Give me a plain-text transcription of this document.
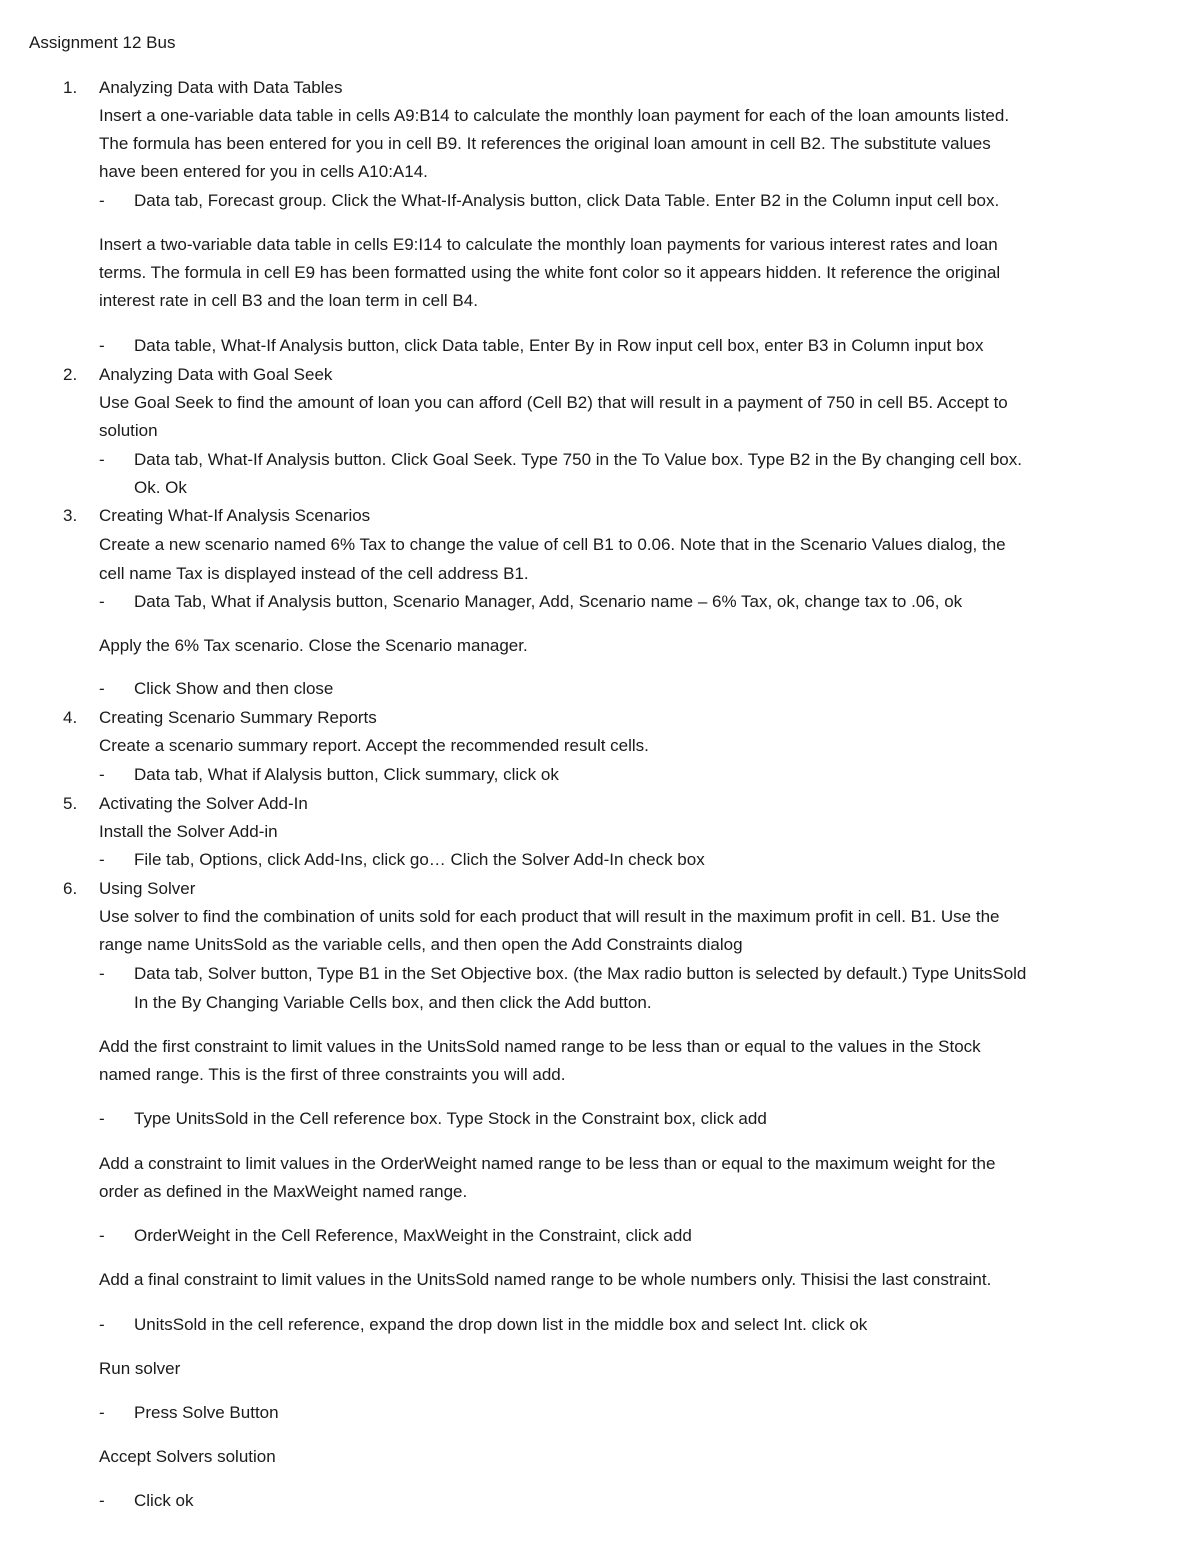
Assignment 12 Bus
1. Analyzing Data with Data Tables
Insert a one-variable data table in cells A9:B14 to calculate the monthly loan payment for each of the loan amounts listed.
The formula has been entered for you in cell B9. It references the original loan amount in cell B2. The substitute values
have been entered for you in cells A10:A14.
- Data tab, Forecast group. Click the What-If-Analysis button, click Data Table. Enter B2 in the Column input cell box.
Insert a two-variable data table in cells E9:I14 to calculate the monthly loan payments for various interest rates and loan
terms. The formula in cell E9 has been formatted using the white font color so it appears hidden. It reference the original
interest rate in cell B3 and the loan term in cell B4.
- Data table, What-If Analysis button, click Data table, Enter By in Row input cell box, enter B3 in Column input box
2. Analyzing Data with Goal Seek
Use Goal Seek to find the amount of loan you can afford (Cell B2) that will result in a payment of 750 in cell B5. Accept to
solution
- Data tab, What-If Analysis button. Click Goal Seek. Type 750 in the To Value box. Type B2 in the By changing cell box.
Ok. Ok
3. Creating What-If Analysis Scenarios
Create a new scenario named 6% Tax to change the value of cell B1 to 0.06. Note that in the Scenario Values dialog, the
cell name Tax is displayed instead of the cell address B1.
- Data Tab, What if Analysis button, Scenario Manager, Add, Scenario name – 6% Tax, ok, change tax to .06, ok
Apply the 6% Tax scenario. Close the Scenario manager.
- Click Show and then close
4. Creating Scenario Summary Reports
Create a scenario summary report. Accept the recommended result cells.
- Data tab, What if Alalysis button, Click summary, click ok
5. Activating the Solver Add-In
Install the Solver Add-in
- File tab, Options, click Add-Ins, click go… Clich the Solver Add-In check box
6. Using Solver
Use solver to find the combination of units sold for each product that will result in the maximum profit in cell. B1. Use the
range name UnitsSold as the variable cells, and then open the Add Constraints dialog
- Data tab, Solver button, Type B1 in the Set Objective box. (the Max radio button is selected by default.) Type UnitsSold
In the By Changing Variable Cells box, and then click the Add button.
Add the first constraint to limit values in the UnitsSold named range to be less than or equal to the values in the Stock
named range. This is the first of three constraints you will add.
- Type UnitsSold in the Cell reference box. Type Stock in the Constraint box, click add
Add a constraint to limit values in the OrderWeight named range to be less than or equal to the maximum weight for the
order as defined in the MaxWeight named range.
- OrderWeight in the Cell Reference, MaxWeight in the Constraint, click add
Add a final constraint to limit values in the UnitsSold named range to be whole numbers only. Thisisi the last constraint.
- UnitsSold in the cell reference, expand the drop down list in the middle box and select Int. click ok
Run solver
- Press Solve Button
Accept Solvers solution
- Click ok
